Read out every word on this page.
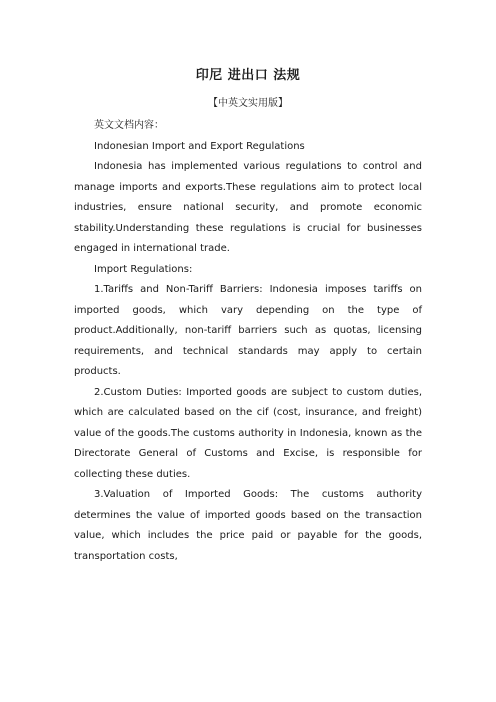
印尼 进出口 法规
【中英文实用版】

英文文档内容：

Indonesian Import and Export Regulations

Indonesia has implemented various regulations to control and manage imports and exports.These regulations aim to protect local industries, ensure national security, and promote economic stability.Understanding these regulations is crucial for businesses engaged in international trade.

Import Regulations:

1.Tariffs and Non-Tariff Barriers: Indonesia imposes tariffs on imported goods, which vary depending on the type of product.Additionally, non-tariff barriers such as quotas, licensing requirements, and technical standards may apply to certain products.

2.Custom Duties: Imported goods are subject to custom duties, which are calculated based on the cif (cost, insurance, and freight) value of the goods.The customs authority in Indonesia, known as the Directorate General of Customs and Excise, is responsible for collecting these duties.

3.Valuation of Imported Goods: The customs authority determines the value of imported goods based on the transaction value, which includes the price paid or payable for the goods, transportation costs,
